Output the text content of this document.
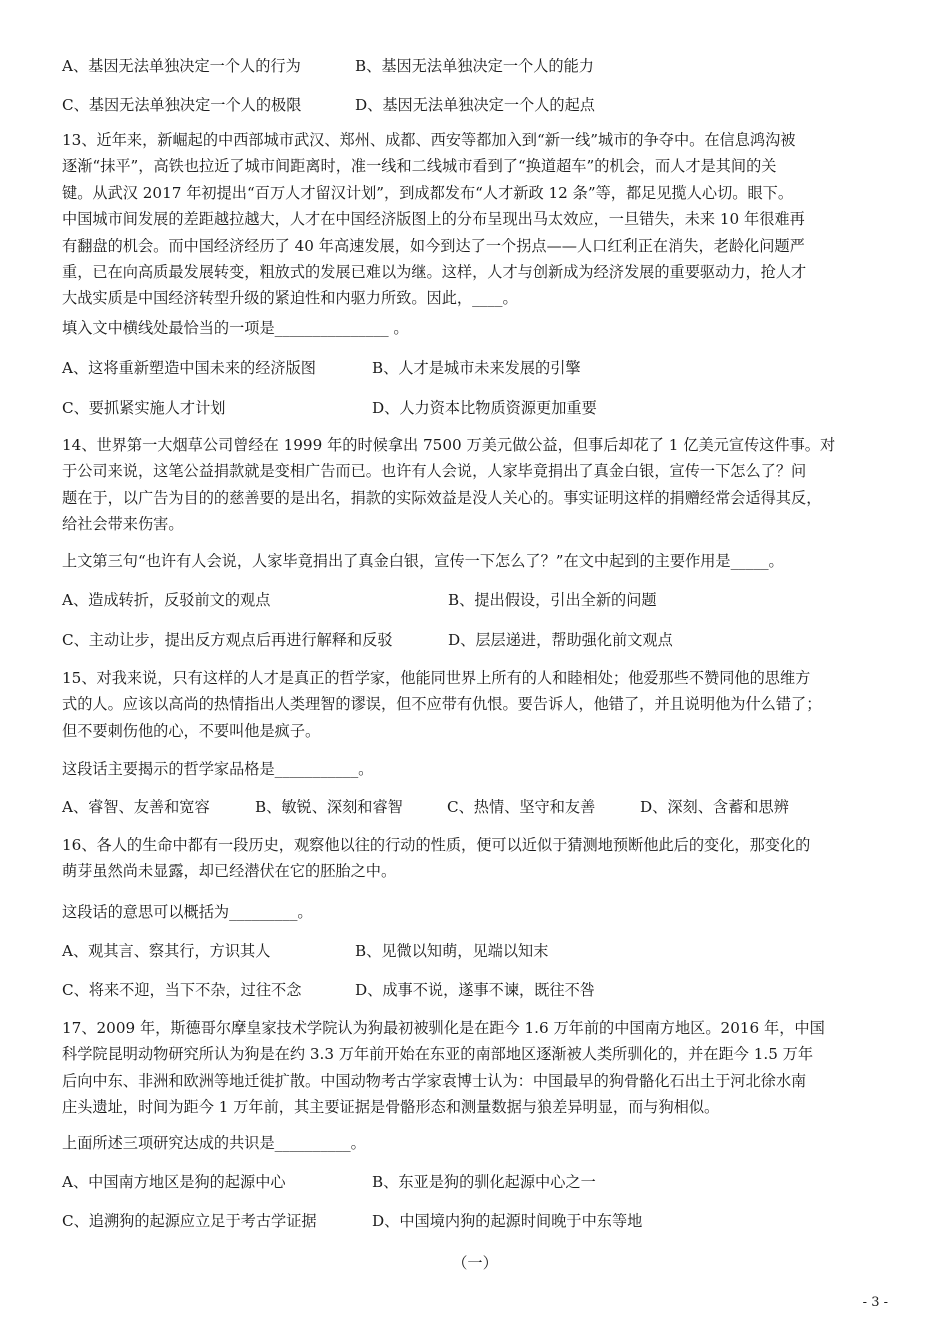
A、基因无法单独决定一个人的行为	B、基因无法单独决定一个人的能力
C、基因无法单独决定一个人的极限	D、基因无法单独决定一个人的起点
13、近年来，新崛起的中西部城市武汉、郑州、成都、西安等都加入到“新一线”城市的争夺中。在信息鸿沟被
逐渐“抹平”，高铁也拉近了城市间距离时，准一线和二线城市看到了“换道超车”的机会，而人才是其间的关
键。从武汉 2017 年初提出“百万人才留汉计划”，到成都发布“人才新政 12 条”等，都足见揽人心切。眼下。
中国城市间发展的差距越拉越大，人才在中国经济版图上的分布呈现出马太效应，一旦错失，未来 10 年很难再
有翻盘的机会。而中国经济经历了 40 年高速发展，如今到达了一个拐点——人口红利正在消失，老龄化问题严
重，已在向高质最发展转变，粗放式的发展已难以为继。这样，人才与创新成为经济发展的重要驱动力，抢人才
大战实质是中国经济转型升级的紧迫性和内驱力所致。因此，____。
填入文中横线处最恰当的一项是_______________ 。
A、这将重新塑造中国未来的经济版图	B、人才是城市未来发展的引擎
C、要抓紧实施人才计划	D、人力资本比物质资源更加重要
14、世界第一大烟草公司曾经在 1999 年的时候拿出 7500 万美元做公益，但事后却花了 1 亿美元宣传这件事。对
于公司来说，这笔公益捐款就是变相广告而已。也许有人会说，人家毕竟捐出了真金白银，宣传一下怎么了？问
题在于，以广告为目的的慈善要的是出名，捐款的实际效益是没人关心的。事实证明这样的捐赠经常会适得其反，
给社会带来伤害。
上文第三句“也许有人会说，人家毕竟捐出了真金白银，宣传一下怎么了？”在文中起到的主要作用是_____。
A、造成转折，反驳前文的观点	B、提出假设，引出全新的问题
C、主动让步，提出反方观点后再进行解释和反驳	D、层层递进，帮助强化前文观点
15、对我来说，只有这样的人才是真正的哲学家，他能同世界上所有的人和睦相处；他爱那些不赞同他的思维方
式的人。应该以高尚的热情指出人类理智的谬误，但不应带有仇恨。要告诉人，他错了，并且说明他为什么错了；
但不要刺伤他的心，不要叫他是疯子。
这段话主要揭示的哲学家品格是___________。
A、睿智、友善和宽容	B、敏锐、深刻和睿智	C、热情、坚守和友善	D、深刻、含蓄和思辨
16、各人的生命中都有一段历史，观察他以往的行动的性质，便可以近似于猜测地预断他此后的变化，那变化的
萌芽虽然尚未显露，却已经潜伏在它的胚胎之中。
这段话的意思可以概括为_________。
A、观其言、察其行，方识其人	B、见微以知萌，见端以知末
C、将来不迎，当下不杂，过往不念	D、成事不说，遂事不谏，既往不咎
17、2009 年，斯德哥尔摩皇家技术学院认为狗最初被驯化是在距今 1.6 万年前的中国南方地区。2016 年，中国
科学院昆明动物研究所认为狗是在约 3.3 万年前开始在东亚的南部地区逐渐被人类所驯化的，并在距今 1.5 万年
后向中东、非洲和欧洲等地迁徙扩散。中国动物考古学家袁博士认为：中国最早的狗骨骼化石出土于河北徐水南
庄头遗址，时间为距今 1 万年前，其主要证据是骨骼形态和测量数据与狼差异明显，而与狗相似。
上面所述三项研究达成的共识是__________。
A、中国南方地区是狗的起源中心	B、东亚是狗的驯化起源中心之一
C、追溯狗的起源应立足于考古学证据	D、中国境内狗的起源时间晚于中东等地
（一）
- 3 -
